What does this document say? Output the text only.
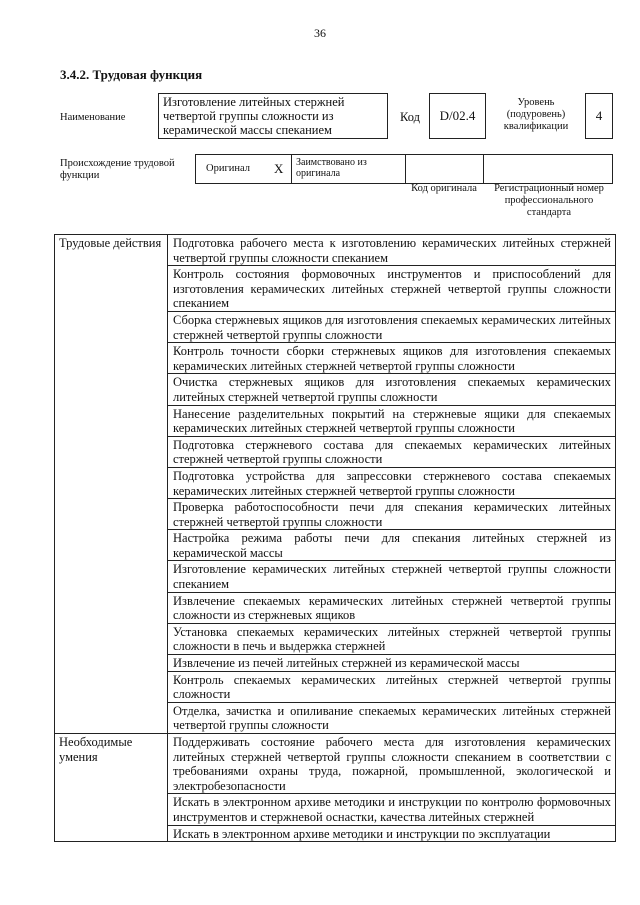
36
3.4.2. Трудовая функция
Наименование
Изготовление литейных стержней четвертой группы сложности из керамической массы спеканием
Код	D/02.4
Уровень (подуровень) квалификации
4
Происхождение трудовой функции
Оригинал X Заимствовано из оригинала
Код оригинала	Регистрационный номер профессионального стандарта
Трудовые действия	Подготовка рабочего места к изготовлению керамических литейных стержней четвертой группы сложности спеканием
	Контроль состояния формовочных инструментов и приспособлений для изготовления керамических литейных стержней четвертой группы сложности спеканием
	Сборка стержневых ящиков для изготовления спекаемых керамических литейных стержней четвертой группы сложности
	Контроль точности сборки стержневых ящиков для изготовления спекаемых керамических литейных стержней четвертой группы сложности
	Очистка стержневых ящиков для изготовления спекаемых керамических литейных стержней четвертой группы сложности
	Нанесение разделительных покрытий на стержневые ящики для спекаемых керамических литейных стержней четвертой группы сложности
	Подготовка стержневого состава для спекаемых керамических литейных стержней четвертой группы сложности
	Подготовка устройства для запрессовки стержневого состава спекаемых керамических литейных стержней четвертой группы сложности
	Проверка работоспособности печи для спекания керамических литейных стержней четвертой группы сложности
	Настройка режима работы печи для спекания литейных стержней из керамической массы
	Изготовление керамических литейных стержней четвертой группы сложности спеканием
	Извлечение спекаемых керамических литейных стержней четвертой группы сложности из стержневых ящиков
	Установка спекаемых керамических литейных стержней четвертой группы сложности в печь и выдержка стержней
	Извлечение из печей литейных стержней из керамической массы
	Контроль спекаемых керамических литейных стержней четвертой группы сложности
	Отделка, зачистка и опиливание спекаемых керамических литейных стержней четвертой группы сложности
Необходимые умения	Поддерживать состояние рабочего места для изготовления керамических литейных стержней четвертой группы сложности спеканием в соответствии с требованиями охраны труда, пожарной, промышленной, экологической и электробезопасности
	Искать в электронном архиве методики и инструкции по контролю формовочных инструментов и стержневой оснастки, качества литейных стержней
	Искать в электронном архиве методики и инструкции по эксплуатации
